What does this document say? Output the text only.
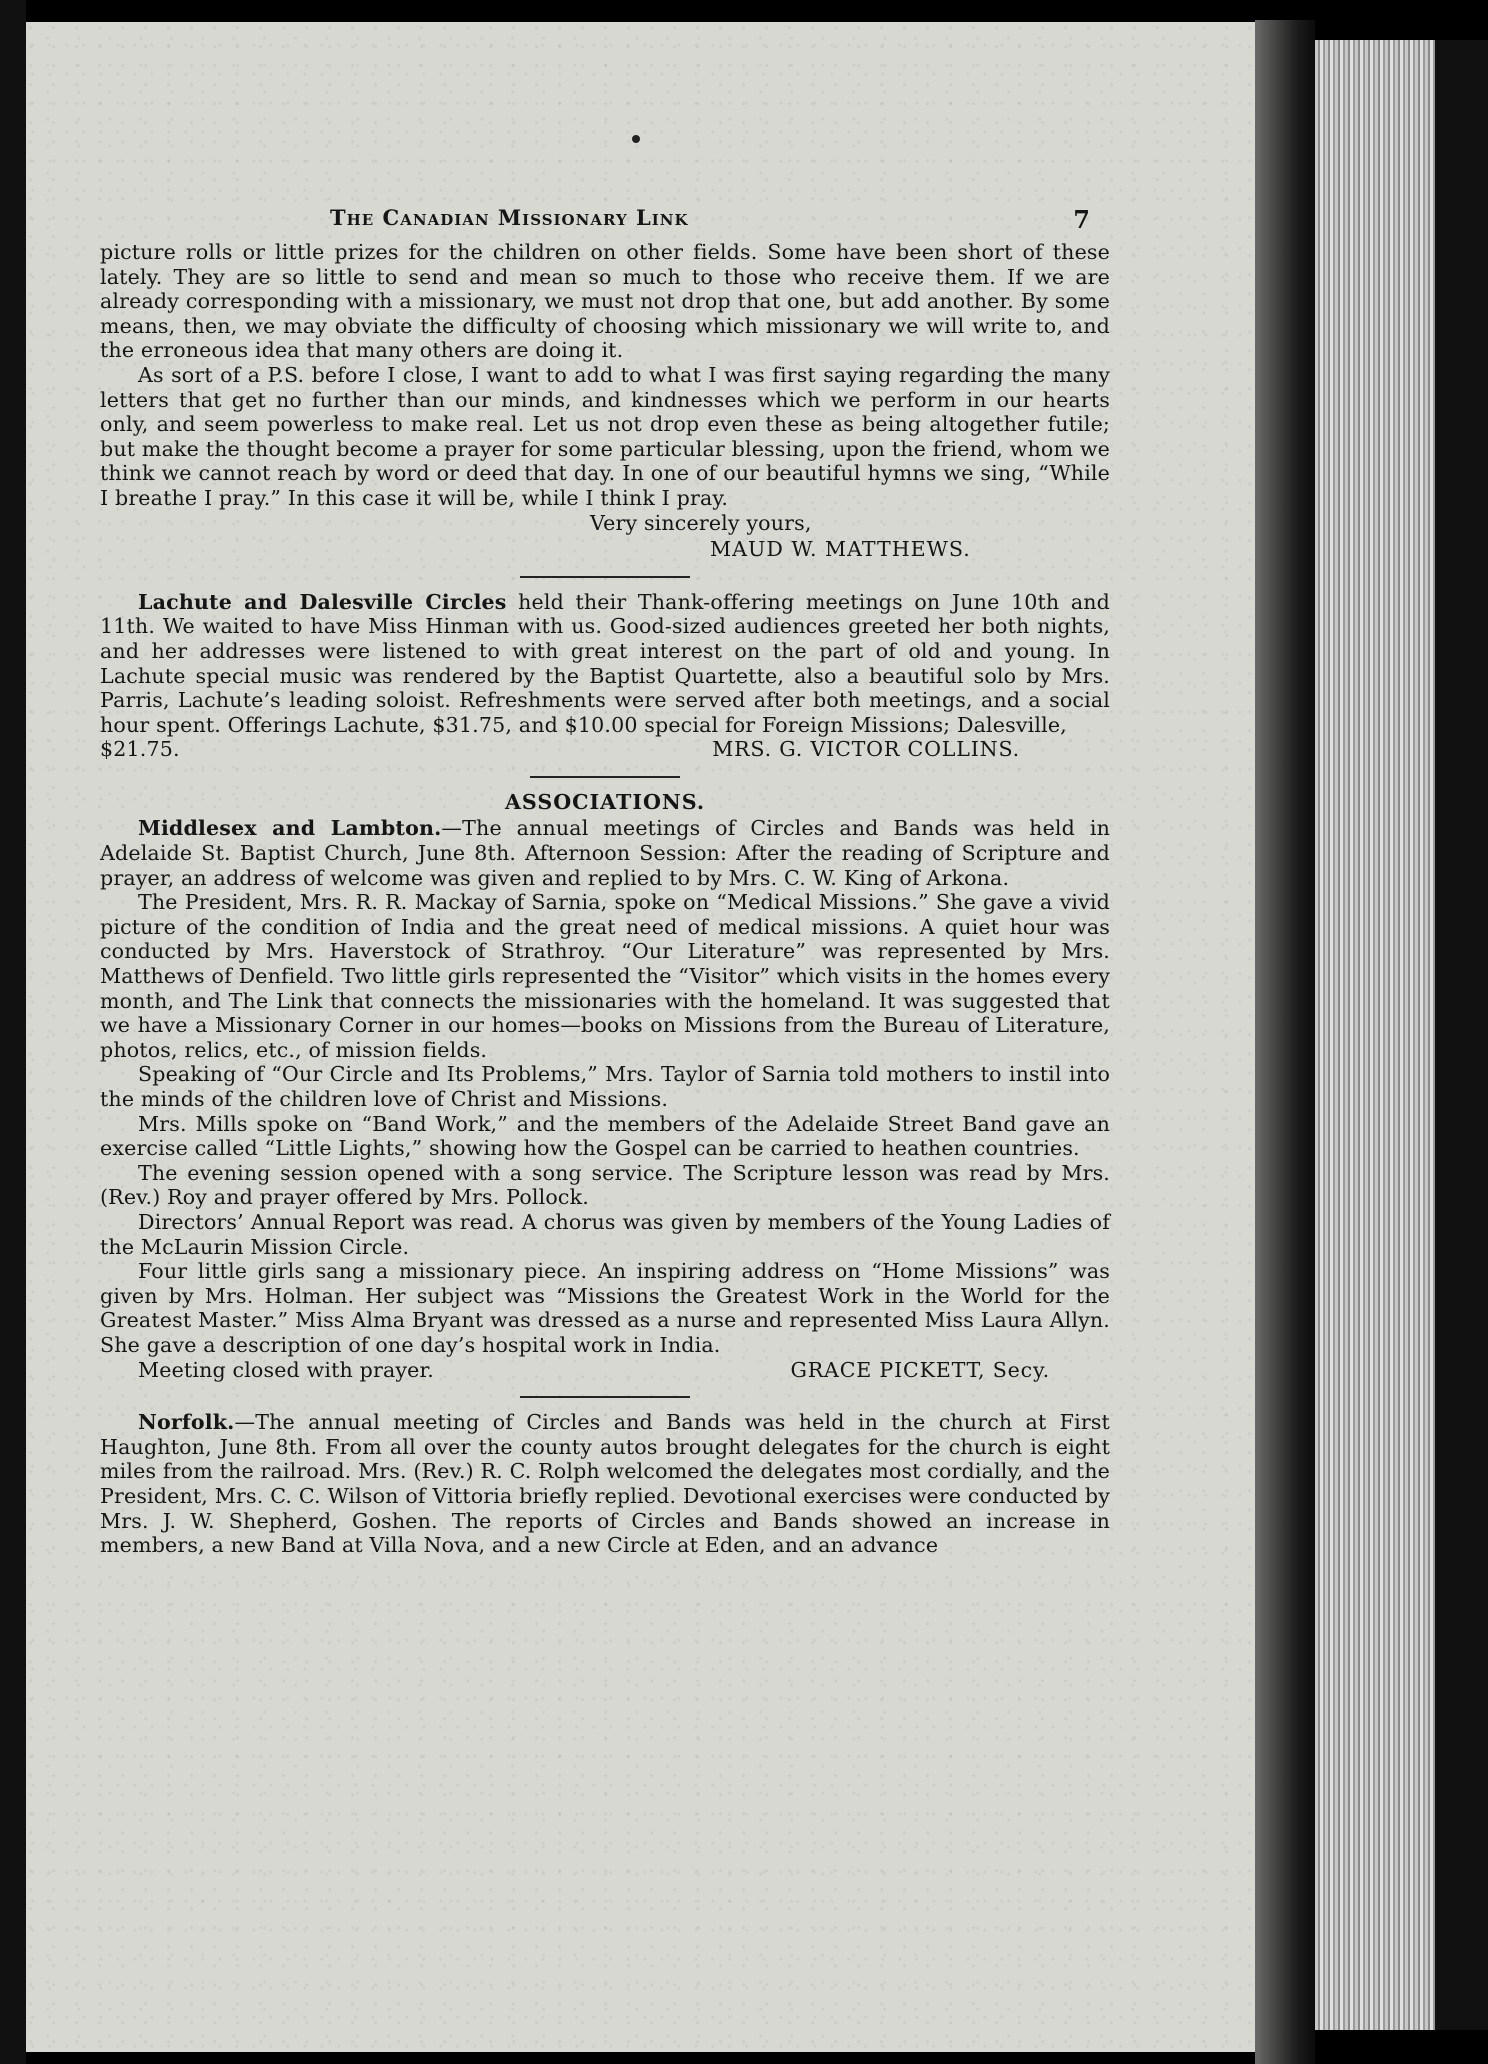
The Canadian Missionary Link	7

picture rolls or little prizes for the children on other fields. Some have been short of these lately. They are so little to send and mean so much to those who receive them. If we are already corresponding with a missionary, we must not drop that one, but add another. By some means, then, we may obviate the difficulty of choosing which missionary we will write to, and the erroneous idea that many others are doing it.

As sort of a P.S. before I close, I want to add to what I was first saying regarding the many letters that get no further than our minds, and kindnesses which we perform in our hearts only, and seem powerless to make real. Let us not drop even these as being altogether futile; but make the thought become a prayer for some particular blessing, upon the friend, whom we think we cannot reach by word or deed that day. In one of our beautiful hymns we sing, “While I breathe I pray.” In this case it will be, while I think I pray.

Very sincerely yours,

MAUD W. MATTHEWS.

Lachute and Dalesville Circles held their Thank-offering meetings on June 10th and 11th. We waited to have Miss Hinman with us. Good-sized audiences greeted her both nights, and her addresses were listened to with great interest on the part of old and young. In Lachute special music was rendered by the Baptist Quartette, also a beautiful solo by Mrs. Parris, Lachute’s leading soloist. Refreshments were served after both meetings, and a social hour spent. Offerings Lachute, $31.75, and $10.00 special for Foreign Missions; Dalesville,

$21.75.	MRS. G. VICTOR COLLINS.

ASSOCIATIONS.

Middlesex and Lambton.—The annual meetings of Circles and Bands was held in Adelaide St. Baptist Church, June 8th. Afternoon Session: After the reading of Scripture and prayer, an address of welcome was given and replied to by Mrs. C. W. King of Arkona.

The President, Mrs. R. R. Mackay of Sarnia, spoke on “Medical Missions.” She gave a vivid picture of the condition of India and the great need of medical missions. A quiet hour was conducted by Mrs. Haverstock of Strathroy. “Our Literature” was represented by Mrs. Matthews of Denfield. Two little girls represented the “Visitor” which visits in the homes every month, and The Link that connects the missionaries with the homeland. It was suggested that we have a Missionary Corner in our homes—books on Missions from the Bureau of Literature, photos, relics, etc., of mission fields.

Speaking of “Our Circle and Its Problems,” Mrs. Taylor of Sarnia told mothers to instil into the minds of the children love of Christ and Missions.

Mrs. Mills spoke on “Band Work,” and the members of the Adelaide Street Band gave an exercise called “Little Lights,” showing how the Gospel can be carried to heathen countries.

The evening session opened with a song service. The Scripture lesson was read by Mrs. (Rev.) Roy and prayer offered by Mrs. Pollock.

Directors’ Annual Report was read. A chorus was given by members of the Young Ladies of the McLaurin Mission Circle.

Four little girls sang a missionary piece. An inspiring address on “Home Missions” was given by Mrs. Holman. Her subject was “Missions the Greatest Work in the World for the Greatest Master.” Miss Alma Bryant was dressed as a nurse and represented Miss Laura Allyn. She gave a description of one day’s hospital work in India.

Meeting closed with prayer.	GRACE PICKETT, Secy.

Norfolk.—The annual meeting of Circles and Bands was held in the church at First Haughton, June 8th. From all over the county autos brought delegates for the church is eight miles from the railroad. Mrs. (Rev.) R. C. Rolph welcomed the delegates most cordially, and the President, Mrs. C. C. Wilson of Vittoria briefly replied. Devotional exercises were conducted by Mrs. J. W. Shepherd, Goshen. The reports of Circles and Bands showed an increase in members, a new Band at Villa Nova, and a new Circle at Eden, and an advance
